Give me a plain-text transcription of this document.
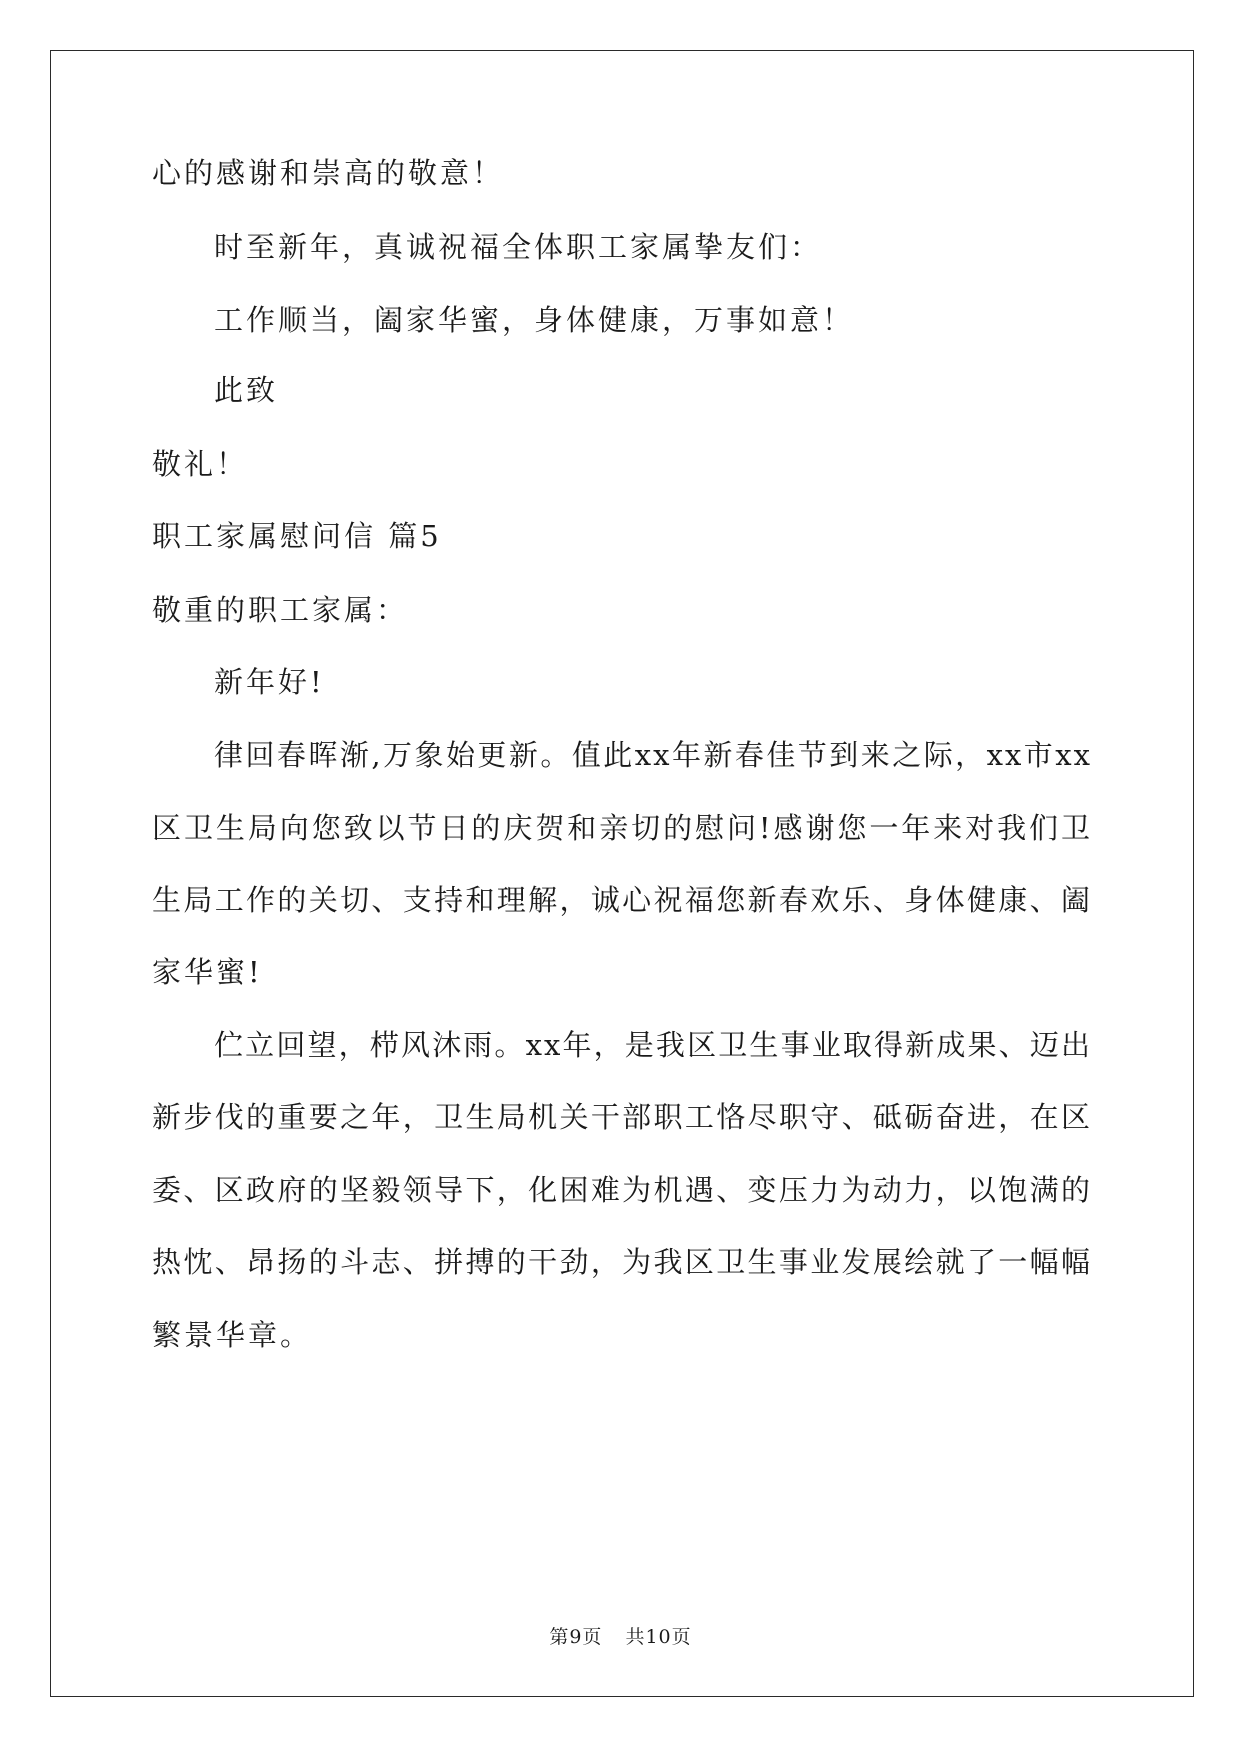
心的感谢和崇高的敬意！
时至新年，真诚祝福全体职工家属挚友们：
工作顺当，阖家华蜜，身体健康，万事如意！
此致
敬礼！
职工家属慰问信 篇5
敬重的职工家属：
新年好!
律回春晖渐,万象始更新。值此xx年新春佳节到来之际，xx市xx
区卫生局向您致以节日的庆贺和亲切的慰问!感谢您一年来对我们卫
生局工作的关切、支持和理解，诚心祝福您新春欢乐、身体健康、阖
家华蜜!
伫立回望，栉风沐雨。xx年，是我区卫生事业取得新成果、迈出
新步伐的重要之年，卫生局机关干部职工恪尽职守、砥砺奋进，在区
委、区政府的坚毅领导下，化困难为机遇、变压力为动力，以饱满的
热忱、昂扬的斗志、拼搏的干劲，为我区卫生事业发展绘就了一幅幅
繁景华章。
第9页 共10页
